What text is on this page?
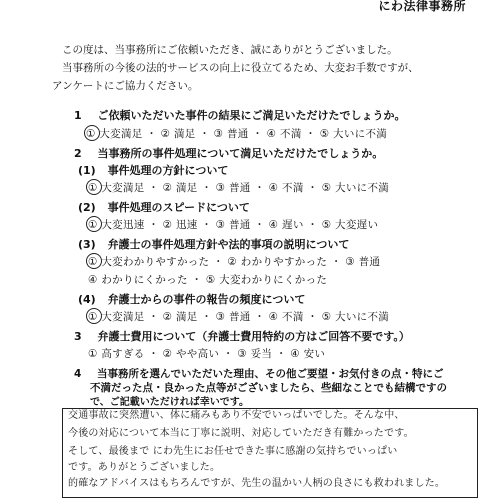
にわ法律事務所
この度は、当事務所にご依頼いただき、誠にありがとうございました。
当事務所の今後の法的サービスの向上に役立てるため、大変お手数ですが、
アンケートにご協力ください。
1 ご依頼いただいた事件の結果にご満足いただけたでしょうか。
① 大変満足 ・ ② 満足 ・ ③ 普通 ・ ④ 不満 ・ ⑤ 大いに不満
2 当事務所の事件処理について満足いただけたでしょうか。
(1) 事件処理の方針について
① 大変満足 ・ ② 満足 ・ ③ 普通 ・ ④ 不満 ・ ⑤ 大いに不満
(2) 事件処理のスピードについて
① 大変迅速 ・ ② 迅速 ・ ③ 普通 ・ ④ 遅い ・ ⑤ 大変遅い
(3) 弁護士の事件処理方針や法的事項の説明について
① 大変わかりやすかった ・ ② わかりやすかった ・ ③ 普通
④ わかりにくかった ・ ⑤ 大変わかりにくかった
(4) 弁護士からの事件の報告の頻度について
① 大変満足 ・ ② 満足 ・ ③ 普通 ・ ④ 不満 ・ ⑤ 大いに不満
3 弁護士費用について（弁護士費用特約の方はご回答不要です。）
① 高すぎる ・ ② やや高い ・ ③ 妥当 ・ ④ 安い
4 当事務所を選んでいただいた理由、その他ご要望・お気付きの点・特にご
不満だった点・良かった点等がございましたら、些細なことでも結構ですの
交通事故に突然遭い、体に痛みもあり不安でいっぱいでした。そんな中、
今後の対応について本当に丁寧に説明、対応していただき有難かったです。
そして、最後まで にわ先生にお任せできた事に感謝の気持ちでいっぱい
です。ありがとうございました。
的確なアドバイスはもちろんですが、先生の温かい人柄の良さにも救われました。
で、ご記載いただければ幸いです。
